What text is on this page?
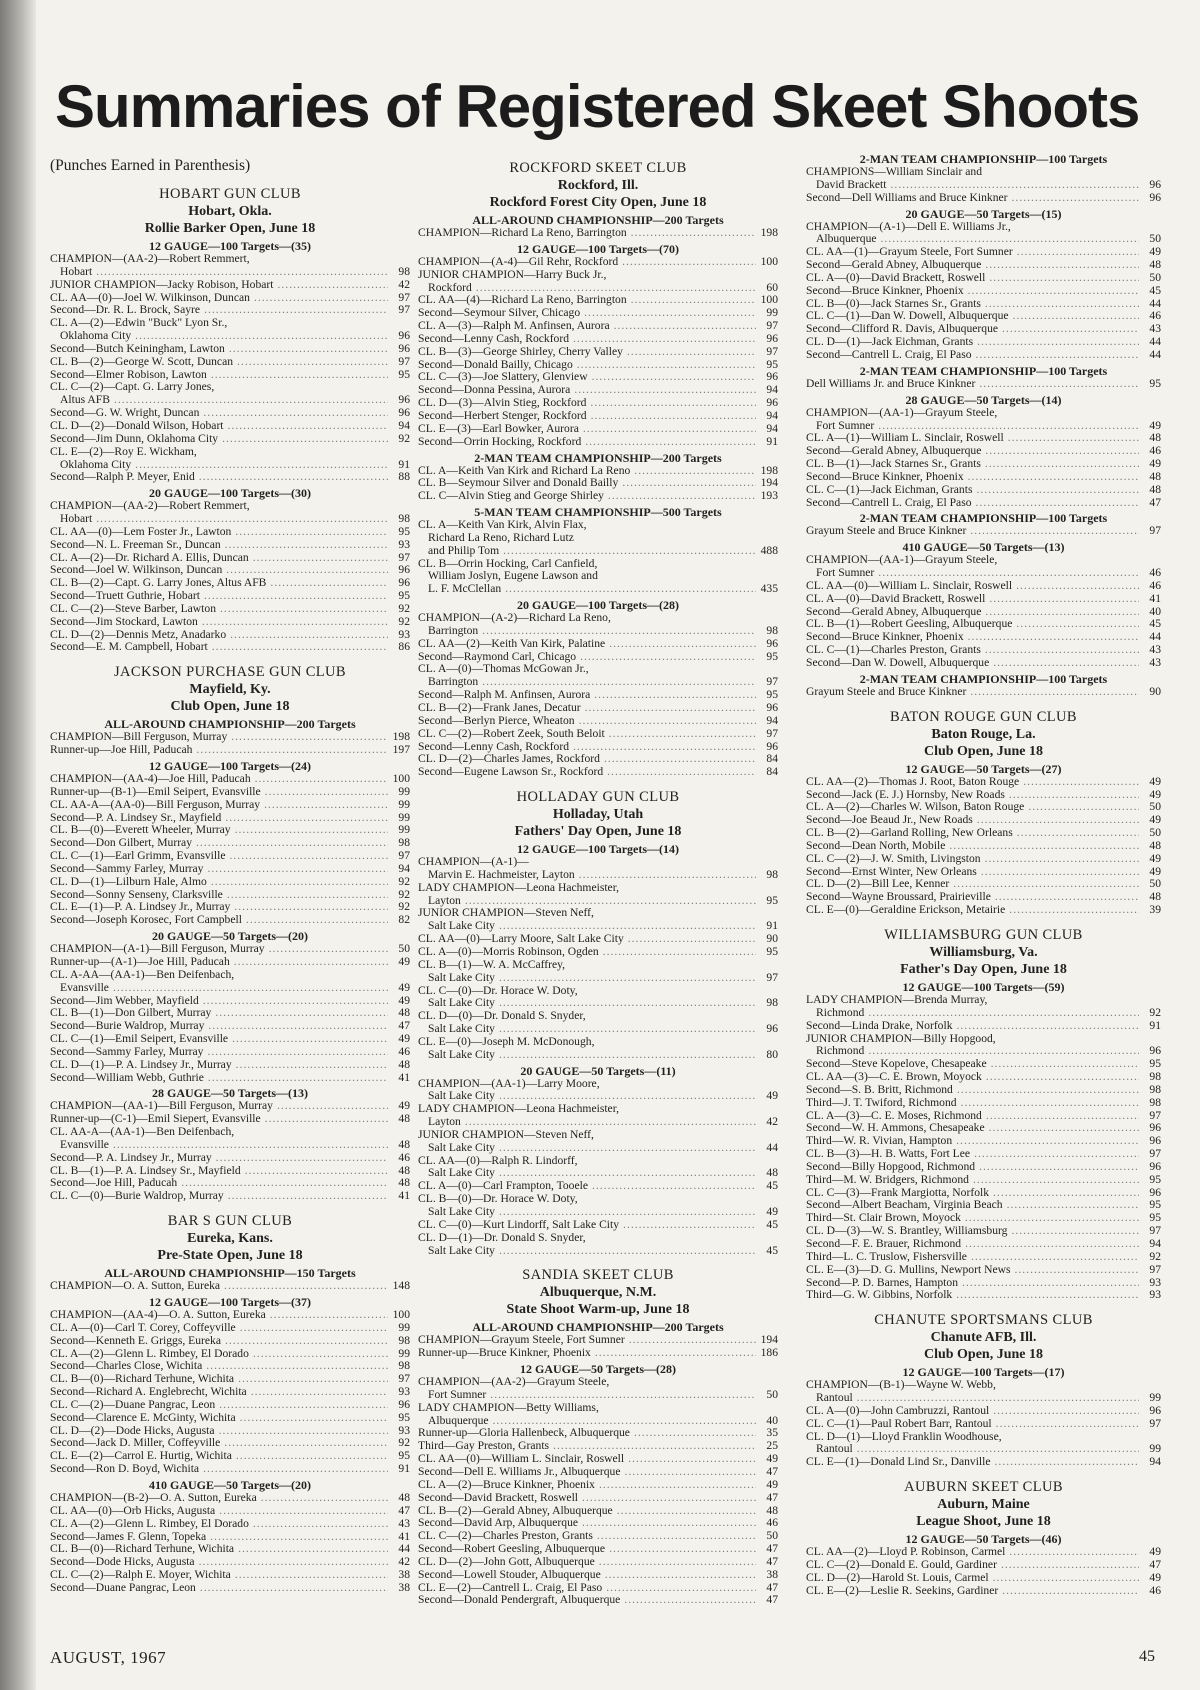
Summaries of Registered Skeet Shoots
(Punches Earned in Parenthesis)
HOBART GUN CLUB
Hobart, Okla.
Rollie Barker Open, June 18
12 GAUGE—100 Targets—(35)
CHAMPION—(AA-2)—Robert Remmert,
Hobart .....	98
JUNIOR CHAMPION—Jacky Robison, Hobart .....	42
CL. AA—(0)—Joel W. Wilkinson, Duncan .....	97
Second—Dr. R. L. Brock, Sayre .....	97
CL. A—(2)—Edwin "Buck" Lyon Sr.,
Oklahoma City .....	96
Second—Butch Keiningham, Lawton .....	96
CL. B—(2)—George W. Scott, Duncan .....	97
Second—Elmer Robison, Lawton .....	95
CL. C—(2)—Capt. G. Larry Jones,
Altus AFB .....	96
Second—G. W. Wright, Duncan .....	96
CL. D—(2)—Donald Wilson, Hobart .....	94
Second—Jim Dunn, Oklahoma City .....	92
CL. E—(2)—Roy E. Wickham,
Oklahoma City .....	91
Second—Ralph P. Meyer, Enid .....	88
20 GAUGE—100 Targets—(30)
CHAMPION—(AA-2)—Robert Remmert,
Hobart .....	98
CL. AA—(0)—Lem Foster Jr., Lawton .....	95
Second—N. L. Freeman Sr., Duncan .....	93
CL. A—(2)—Dr. Richard A. Ellis, Duncan .....	97
Second—Joel W. Wilkinson, Duncan .....	96
CL. B—(2)—Capt. G. Larry Jones, Altus AFB .....	96
Second—Truett Guthrie, Hobart .....	95
CL. C—(2)—Steve Barber, Lawton .....	92
Second—Jim Stockard, Lawton .....	92
CL. D—(2)—Dennis Metz, Anadarko .....	93
Second—E. M. Campbell, Hobart .....	86
JACKSON PURCHASE GUN CLUB
Mayfield, Ky.
Club Open, June 18
ALL-AROUND CHAMPIONSHIP—200 Targets
CHAMPION—Bill Ferguson, Murray .....	198
Runner-up—Joe Hill, Paducah .....	197
12 GAUGE—100 Targets—(24)
CHAMPION—(AA-4)—Joe Hill, Paducah .....	100
Runner-up—(B-1)—Emil Seipert, Evansville .....	99
CL. AA-A—(AA-0)—Bill Ferguson, Murray .....	99
Second—P. A. Lindsey Sr., Mayfield .....	99
CL. B—(0)—Everett Wheeler, Murray .....	99
Second—Don Gilbert, Murray .....	98
CL. C—(1)—Earl Grimm, Evansville .....	97
Second—Sammy Farley, Murray .....	94
CL. D—(1)—Lilburn Hale, Almo .....	92
Second—Sonny Senseny, Clarksville .....	92
CL. E—(1)—P. A. Lindsey Jr., Murray .....	92
Second—Joseph Korosec, Fort Campbell .....	82
20 GAUGE—50 Targets—(20)
CHAMPION—(A-1)—Bill Ferguson, Murray .....	50
Runner-up—(A-1)—Joe Hill, Paducah .....	49
CL. A-AA—(AA-1)—Ben Deifenbach,
Evansville .....	49
Second—Jim Webber, Mayfield .....	49
CL. B—(1)—Don Gilbert, Murray .....	48
Second—Burie Waldrop, Murray .....	47
CL. C—(1)—Emil Seipert, Evansville .....	49
Second—Sammy Farley, Murray .....	46
CL. D—(1)—P. A. Lindsey Jr., Murray .....	48
Second—William Webb, Guthrie .....	41
28 GAUGE—50 Targets—(13)
CHAMPION—(AA-1)—Bill Ferguson, Murray .....	49
Runner-up—(C-1)—Emil Siepert, Evansville .....	48
CL. AA-A—(AA-1)—Ben Deifenbach,
Evansville .....	48
Second—P. A. Lindsey Jr., Murray .....	46
CL. B—(1)—P. A. Lindsey Sr., Mayfield .....	48
Second—Joe Hill, Paducah .....	48
CL. C—(0)—Burie Waldrop, Murray .....	41
BAR S GUN CLUB
Eureka, Kans.
Pre-State Open, June 18
ALL-AROUND CHAMPIONSHIP—150 Targets
CHAMPION—O. A. Sutton, Eureka .....	148
12 GAUGE—100 Targets—(37)
CHAMPION—(AA-4)—O. A. Sutton, Eureka .....	100
CL. A—(0)—Carl T. Corey, Coffeyville .....	99
Second—Kenneth E. Griggs, Eureka .....	98
CL. A—(2)—Glenn L. Rimbey, El Dorado .....	99
Second—Charles Close, Wichita .....	98
CL. B—(0)—Richard Terhune, Wichita .....	97
Second—Richard A. Englebrecht, Wichita .....	93
CL. C—(2)—Duane Pangrac, Leon .....	96
Second—Clarence E. McGinty, Wichita .....	95
CL. D—(2)—Dode Hicks, Augusta .....	93
Second—Jack D. Miller, Coffeyville .....	92
CL. E—(2)—Carrol E. Hurtig, Wichita .....	95
Second—Ron D. Boyd, Wichita .....	91
410 GAUGE—50 Targets—(20)
CHAMPION—(B-2)—O. A. Sutton, Eureka .....	48
CL. AA—(0)—Orb Hicks, Augusta .....	47
CL. A—(2)—Glenn L. Rimbey, El Dorado .....	43
Second—James F. Glenn, Topeka .....	41
CL. B—(0)—Richard Terhune, Wichita .....	44
Second—Dode Hicks, Augusta .....	42
CL. C—(2)—Ralph E. Moyer, Wichita .....	38
Second—Duane Pangrac, Leon .....	38
ROCKFORD SKEET CLUB
Rockford, Ill.
Rockford Forest City Open, June 18
ALL-AROUND CHAMPIONSHIP—200 Targets
CHAMPION—Richard La Reno, Barrington .....	198
12 GAUGE—100 Targets—(70)
CHAMPION—(A-4)—Gil Rehr, Rockford .....	100
JUNIOR CHAMPION—Harry Buck Jr.,
Rockford .....	60
CL. AA—(4)—Richard La Reno, Barrington .....	100
Second—Seymour Silver, Chicago .....	99
CL. A—(3)—Ralph M. Anfinsen, Aurora .....	97
Second—Lenny Cash, Rockford .....	96
CL. B—(3)—George Shirley, Cherry Valley .....	97
Second—Donald Bailly, Chicago .....	95
CL. C—(3)—Joe Slattery, Glenview .....	96
Second—Donna Pessina, Aurora .....	94
CL. D—(3)—Alvin Stieg, Rockford .....	96
Second—Herbert Stenger, Rockford .....	94
CL. E—(3)—Earl Bowker, Aurora .....	94
Second—Orrin Hocking, Rockford .....	91
2-MAN TEAM CHAMPIONSHIP—200 Targets
CL. A—Keith Van Kirk and Richard La Reno .....	198
CL. B—Seymour Silver and Donald Bailly .....	194
CL. C—Alvin Stieg and George Shirley .....	193
5-MAN TEAM CHAMPIONSHIP—500 Targets
CL. A—Keith Van Kirk, Alvin Flax,
Richard La Reno, Richard Lutz
and Philip Tom .....	488
CL. B—Orrin Hocking, Carl Canfield,
William Joslyn, Eugene Lawson and
L. F. McClellan .....	435
20 GAUGE—100 Targets—(28)
CHAMPION—(A-2)—Richard La Reno,
Barrington .....	98
CL. AA—(2)—Keith Van Kirk, Palatine .....	96
Second—Raymond Carl, Chicago .....	95
CL. A—(0)—Thomas McGowan Jr.,
Barrington .....	97
Second—Ralph M. Anfinsen, Aurora .....	95
CL. B—(2)—Frank Janes, Decatur .....	96
Second—Berlyn Pierce, Wheaton .....	94
CL. C—(2)—Robert Zeek, South Beloit .....	97
Second—Lenny Cash, Rockford .....	96
CL. D—(2)—Charles James, Rockford .....	84
Second—Eugene Lawson Sr., Rockford .....	84
HOLLADAY GUN CLUB
Holladay, Utah
Fathers' Day Open, June 18
12 GAUGE—100 Targets—(14)
CHAMPION—(A-1)—
Marvin E. Hachmeister, Layton .....	98
LADY CHAMPION—Leona Hachmeister,
Layton .....	95
JUNIOR CHAMPION—Steven Neff,
Salt Lake City .....	91
CL. AA—(0)—Larry Moore, Salt Lake City .....	90
CL. A—(0)—Morris Robinson, Ogden .....	95
CL. B—(1)—W. A. McCaffrey,
Salt Lake City .....	97
CL. C—(0)—Dr. Horace W. Doty,
Salt Lake City .....	98
CL. D—(0)—Dr. Donald S. Snyder,
Salt Lake City .....	96
CL. E—(0)—Joseph M. McDonough,
Salt Lake City .....	80
20 GAUGE—50 Targets—(11)
CHAMPION—(AA-1)—Larry Moore,
Salt Lake City .....	49
LADY CHAMPION—Leona Hachmeister,
Layton .....	42
JUNIOR CHAMPION—Steven Neff,
Salt Lake City .....	44
CL. AA—(0)—Ralph R. Lindorff,
Salt Lake City .....	48
CL. A—(0)—Carl Frampton, Tooele .....	45
CL. B—(0)—Dr. Horace W. Doty,
Salt Lake City .....	49
CL. C—(0)—Kurt Lindorff, Salt Lake City .....	45
CL. D—(1)—Dr. Donald S. Snyder,
Salt Lake City .....	45
SANDIA SKEET CLUB
Albuquerque, N.M.
State Shoot Warm-up, June 18
ALL-AROUND CHAMPIONSHIP—200 Targets
CHAMPION—Grayum Steele, Fort Sumner .....	194
Runner-up—Bruce Kinkner, Phoenix .....	186
12 GAUGE—50 Targets—(28)
CHAMPION—(AA-2)—Grayum Steele,
Fort Sumner .....	50
LADY CHAMPION—Betty Williams,
Albuquerque .....	40
Runner-up—Gloria Hallenbeck, Albuquerque .....	35
Third—Gay Preston, Grants .....	25
CL. AA—(0)—William L. Sinclair, Roswell .....	49
Second—Dell E. Williams Jr., Albuquerque .....	47
CL. A—(2)—Bruce Kinkner, Phoenix .....	49
Second—David Brackett, Roswell .....	47
CL. B—(2)—Gerald Abney, Albuquerque .....	48
Second—David Arp, Albuquerque .....	46
CL. C—(2)—Charles Preston, Grants .....	50
Second—Robert Geesling, Albuquerque .....	47
CL. D—(2)—John Gott, Albuquerque .....	47
Second—Lowell Stouder, Albuquerque .....	38
CL. E—(2)—Cantrell L. Craig, El Paso .....	47
Second—Donald Pendergraft, Albuquerque .....	47
2-MAN TEAM CHAMPIONSHIP—100 Targets
CHAMPIONS—William Sinclair and
David Brackett .....	96
Second—Dell Williams and Bruce Kinkner .....	96
20 GAUGE—50 Targets—(15)
CHAMPION—(A-1)—Dell E. Williams Jr.,
Albuquerque .....	50
CL. AA—(1)—Grayum Steele, Fort Sumner .....	49
Second—Gerald Abney, Albuquerque .....	48
CL. A—(0)—David Brackett, Roswell .....	50
Second—Bruce Kinkner, Phoenix .....	45
CL. B—(0)—Jack Starnes Sr., Grants .....	44
CL. C—(1)—Dan W. Dowell, Albuquerque .....	46
Second—Clifford R. Davis, Albuquerque .....	43
CL. D—(1)—Jack Eichman, Grants .....	44
Second—Cantrell L. Craig, El Paso .....	44
2-MAN TEAM CHAMPIONSHIP—100 Targets
Dell Williams Jr. and Bruce Kinkner .....	95
28 GAUGE—50 Targets—(14)
CHAMPION—(AA-1)—Grayum Steele,
Fort Sumner .....	49
CL. A—(1)—William L. Sinclair, Roswell .....	48
Second—Gerald Abney, Albuquerque .....	46
CL. B—(1)—Jack Starnes Sr., Grants .....	49
Second—Bruce Kinkner, Phoenix .....	48
CL. C—(1)—Jack Eichman, Grants .....	48
Second—Cantrell L. Craig, El Paso .....	47
2-MAN TEAM CHAMPIONSHIP—100 Targets
Grayum Steele and Bruce Kinkner .....	97
410 GAUGE—50 Targets—(13)
CHAMPION—(AA-1)—Grayum Steele,
Fort Sumner .....	46
CL. AA—(0)—William L. Sinclair, Roswell .....	46
CL. A—(0)—David Brackett, Roswell .....	41
Second—Gerald Abney, Albuquerque .....	40
CL. B—(1)—Robert Geesling, Albuquerque .....	45
Second—Bruce Kinkner, Phoenix .....	44
CL. C—(1)—Charles Preston, Grants .....	43
Second—Dan W. Dowell, Albuquerque .....	43
2-MAN TEAM CHAMPIONSHIP—100 Targets
Grayum Steele and Bruce Kinkner .....	90
BATON ROUGE GUN CLUB
Baton Rouge, La.
Club Open, June 18
12 GAUGE—50 Targets—(27)
CL. AA—(2)—Thomas J. Root, Baton Rouge .....	49
Second—Jack (E. J.) Hornsby, New Roads .....	49
CL. A—(2)—Charles W. Wilson, Baton Rouge .....	50
Second—Joe Beaud Jr., New Roads .....	49
CL. B—(2)—Garland Rolling, New Orleans .....	50
Second—Dean North, Mobile .....	48
CL. C—(2)—J. W. Smith, Livingston .....	49
Second—Ernst Winter, New Orleans .....	49
CL. D—(2)—Bill Lee, Kenner .....	50
Second—Wayne Broussard, Prairieville .....	48
CL. E—(0)—Geraldine Erickson, Metairie .....	39
WILLIAMSBURG GUN CLUB
Williamsburg, Va.
Father's Day Open, June 18
12 GAUGE—100 Targets—(59)
LADY CHAMPION—Brenda Murray,
Richmond .....	92
Second—Linda Drake, Norfolk .....	91
JUNIOR CHAMPION—Billy Hopgood,
Richmond .....	96
Second—Steve Kopelove, Chesapeake .....	95
CL. AA—(3)—C. E. Brown, Moyock .....	98
Second—S. B. Britt, Richmond .....	98
Third—J. T. Twiford, Richmond .....	98
CL. A—(3)—C. E. Moses, Richmond .....	97
Second—W. H. Ammons, Chesapeake .....	96
Third—W. R. Vivian, Hampton .....	96
CL. B—(3)—H. B. Watts, Fort Lee .....	97
Second—Billy Hopgood, Richmond .....	96
Third—M. W. Bridgers, Richmond .....	95
CL. C—(3)—Frank Margiotta, Norfolk .....	96
Second—Albert Beacham, Virginia Beach .....	95
Third—St. Clair Brown, Moyock .....	95
CL. D—(3)—W. S. Brantley, Williamsburg .....	97
Second—F. E. Brauer, Richmond .....	94
Third—L. C. Truslow, Fishersville .....	92
CL. E—(3)—D. G. Mullins, Newport News .....	97
Second—P. D. Barnes, Hampton .....	93
Third—G. W. Gibbins, Norfolk .....	93
CHANUTE SPORTSMANS CLUB
Chanute AFB, Ill.
Club Open, June 18
12 GAUGE—100 Targets—(17)
CHAMPION—(B-1)—Wayne W. Webb,
Rantoul .....	99
CL. A—(0)—John Cambruzzi, Rantoul .....	96
CL. C—(1)—Paul Robert Barr, Rantoul .....	97
CL. D—(1)—Lloyd Franklin Woodhouse,
Rantoul .....	99
CL. E—(1)—Donald Lind Sr., Danville .....	94
AUBURN SKEET CLUB
Auburn, Maine
League Shoot, June 18
12 GAUGE—50 Targets—(46)
CL. AA—(2)—Lloyd P. Robinson, Carmel .....	49
CL. C—(2)—Donald E. Gould, Gardiner .....	47
CL. D—(2)—Harold St. Louis, Carmel .....	49
CL. E—(2)—Leslie R. Seekins, Gardiner .....	46
AUGUST, 1967	45
